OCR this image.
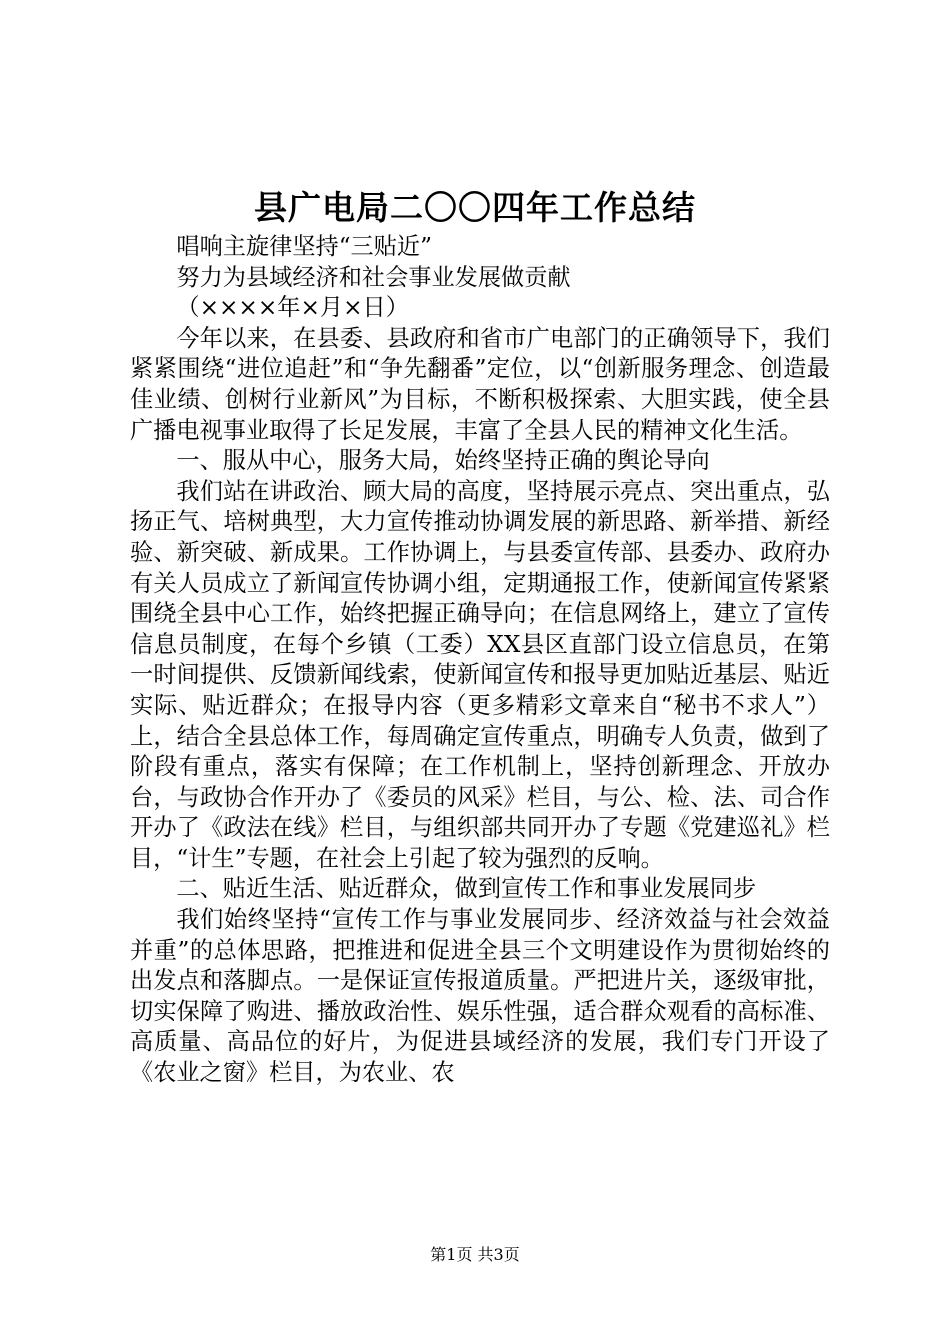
县广电局二〇〇四年工作总结

唱响主旋律坚持“三贴近”

努力为县域经济和社会事业发展做贡献

（××××年×月×日）

今年以来，在县委、县政府和省市广电部门的正确领导下，我们紧紧围绕“进位追赶”和“争先翻番”定位，以“创新服务理念、创造最佳业绩、创树行业新风”为目标，不断积极探索、大胆实践，使全县广播电视事业取得了长足发展，丰富了全县人民的精神文化生活。

一、服从中心，服务大局，始终坚持正确的舆论导向

我们站在讲政治、顾大局的高度，坚持展示亮点、突出重点，弘扬正气、培树典型，大力宣传推动协调发展的新思路、新举措、新经验、新突破、新成果。工作协调上，与县委宣传部、县委办、政府办有关人员成立了新闻宣传协调小组，定期通报工作，使新闻宣传紧紧围绕全县中心工作，始终把握正确导向；在信息网络上，建立了宣传信息员制度，在每个乡镇（工委）XX县区直部门设立信息员，在第一时间提供、反馈新闻线索，使新闻宣传和报导更加贴近基层、贴近实际、贴近群众；在报导内容（更多精彩文章来自“秘书不求人”）上，结合全县总体工作，每周确定宣传重点，明确专人负责，做到了阶段有重点，落实有保障；在工作机制上，坚持创新理念、开放办台，与政协合作开办了《委员的风采》栏目，与公、检、法、司合作开办了《政法在线》栏目，与组织部共同开办了专题《党建巡礼》栏目，“计生”专题，在社会上引起了较为强烈的反响。

二、贴近生活、贴近群众，做到宣传工作和事业发展同步

我们始终坚持“宣传工作与事业发展同步、经济效益与社会效益并重”的总体思路，把推进和促进全县三个文明建设作为贯彻始终的出发点和落脚点。一是保证宣传报道质量。严把进片关，逐级审批，切实保障了购进、播放政治性、娱乐性强，适合群众观看的高标准、高质量、高品位的好片，为促进县域经济的发展，我们专门开设了《农业之窗》栏目，为农业、农

第1页 共3页
